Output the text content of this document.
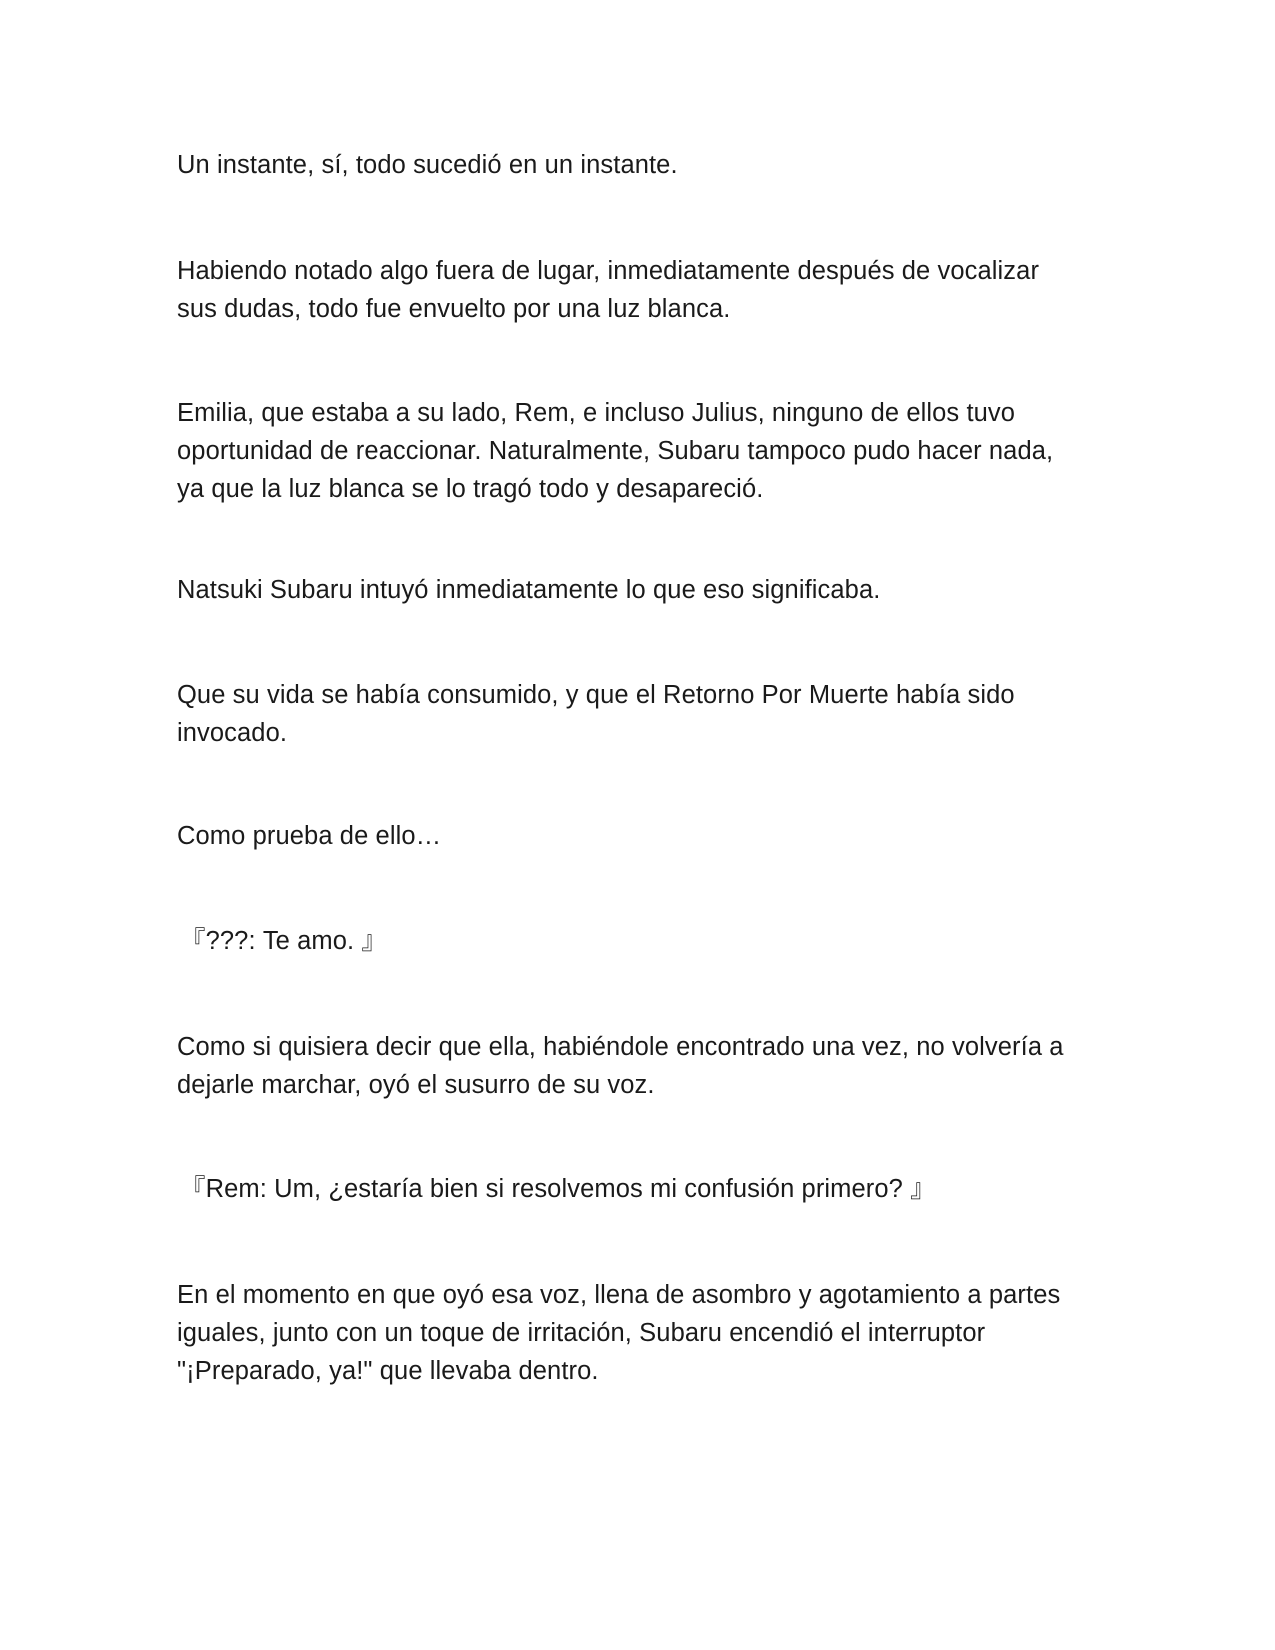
Un instante, sí, todo sucedió en un instante.

Habiendo notado algo fuera de lugar, inmediatamente después de vocalizar
sus dudas, todo fue envuelto por una luz blanca.

Emilia, que estaba a su lado, Rem, e incluso Julius, ninguno de ellos tuvo
oportunidad de reaccionar. Naturalmente, Subaru tampoco pudo hacer nada,
ya que la luz blanca se lo tragó todo y desapareció.

Natsuki Subaru intuyó inmediatamente lo que eso significaba.

Que su vida se había consumido, y que el Retorno Por Muerte había sido
invocado.

Como prueba de ello…

『???: Te amo. 』

Como si quisiera decir que ella, habiéndole encontrado una vez, no volvería a
dejarle marchar, oyó el susurro de su voz.

『Rem: Um, ¿estaría bien si resolvemos mi confusión primero? 』

En el momento en que oyó esa voz, llena de asombro y agotamiento a partes
iguales, junto con un toque de irritación, Subaru encendió el interruptor
"¡Preparado, ya!" que llevaba dentro.
